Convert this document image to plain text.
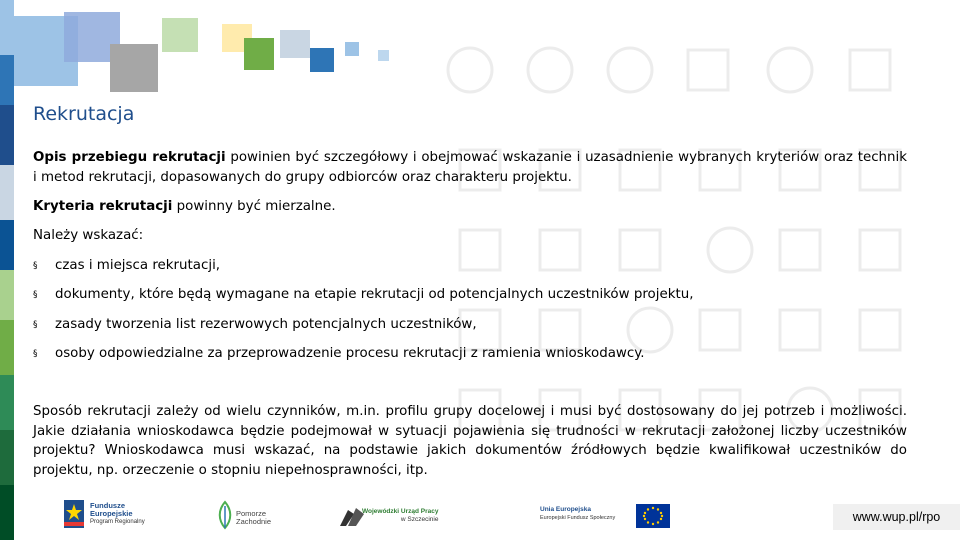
Rekrutacja
Opis przebiegu rekrutacji powinien być szczegółowy i obejmować wskazanie i uzasadnienie wybranych kryteriów oraz technik i metod rekrutacji, dopasowanych do grupy odbiorców oraz charakteru projektu.
Kryteria rekrutacji powinny być mierzalne.
Należy wskazać:
§	czas i miejsca rekrutacji,
§	dokumenty, które będą wymagane na etapie rekrutacji od potencjalnych uczestników projektu,
§	zasady tworzenia list rezerwowych potencjalnych uczestników,
§	osoby odpowiedzialne za przeprowadzenie procesu rekrutacji z ramienia wnioskodawcy.
Sposób rekrutacji zależy od wielu czynników, m.in. profilu grupy docelowej i musi być dostosowany do jej potrzeb i możliwości. Jakie działania wnioskodawca będzie podejmował w sytuacji pojawienia się trudności w rekrutacji założonej liczby uczestników projektu? Wnioskodawca musi wskazać, na podstawie jakich dokumentów źródłowych będzie kwalifikował uczestników do projektu, np. orzeczenie o stopniu niepełnosprawności, itp.
Fundusze
Europejskie
Program Regionalny
Pomorze
Zachodnie
Wojewódzki Urząd Pracy
w Szczecinie
Unia Europejska
Europejski Fundusz Społeczny	www.wup.pl/rpo
